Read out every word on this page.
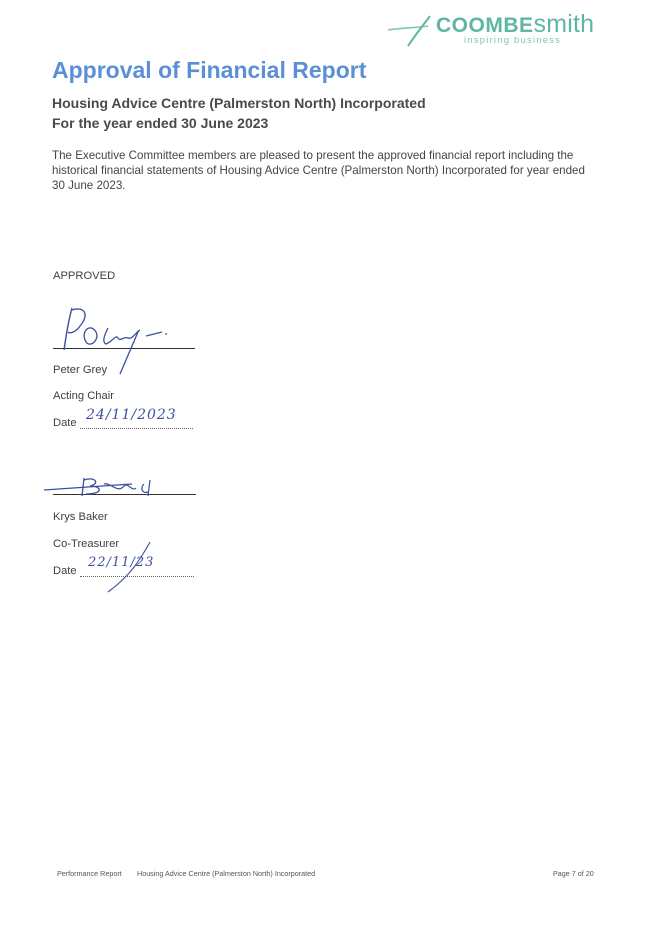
COOMBEsmith
inspiring business
Approval of Financial Report
Housing Advice Centre (Palmerston North) Incorporated
For the year ended 30 June 2023
The Executive Committee members are pleased to present the approved financial report including the historical financial statements of Housing Advice Centre (Palmerston North) Incorporated for year ended 30 June 2023.
APPROVED
Peter Grey
Acting Chair
Date 24/11/2023
Krys Baker
Co-Treasurer
Date
22/11/23
Performance Report Housing Advice Centre (Palmerston North) Incorporated	Page 7 of 20
